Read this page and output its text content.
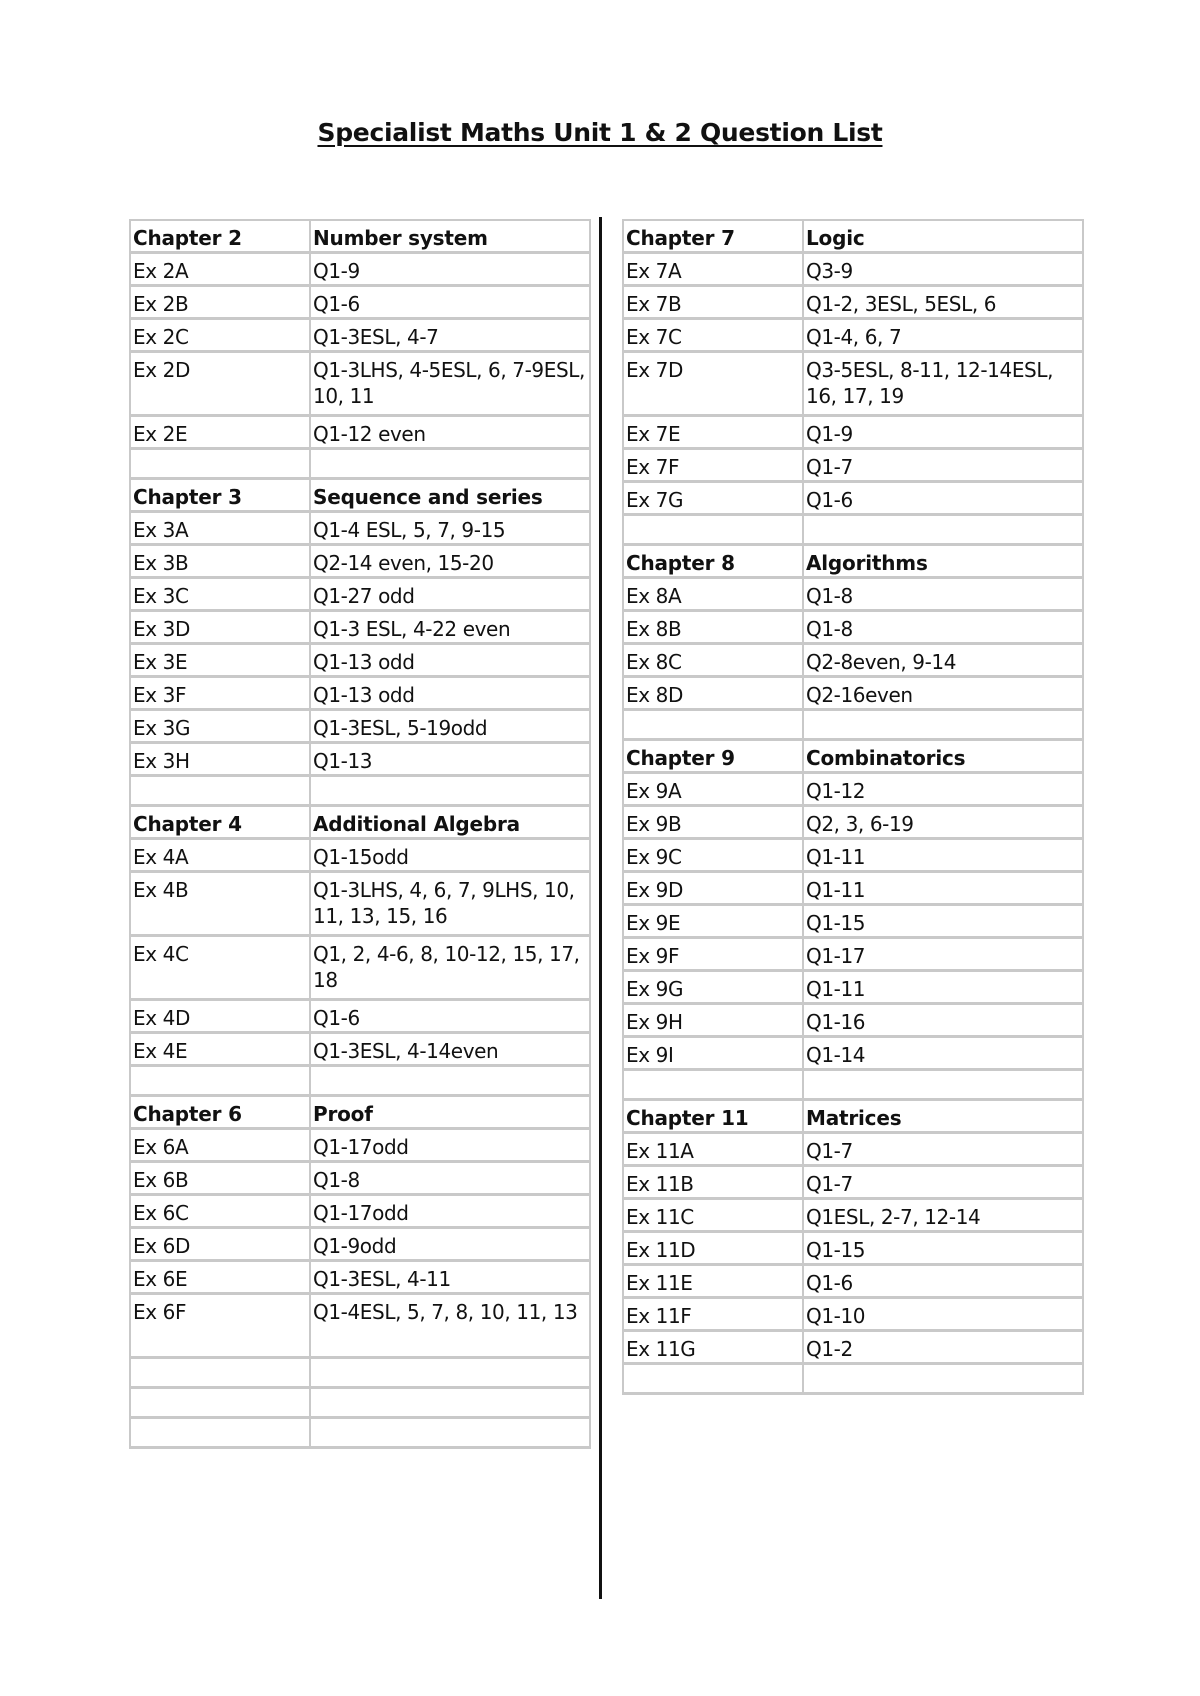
Specialist Maths Unit 1 & 2 Question List
Chapter 2	Number system
Ex 2A	Q1-9
Ex 2B	Q1-6
Ex 2C	Q1-3ESL, 4-7
Ex 2D	Q1-3LHS, 4-5ESL, 6, 7-9ESL, 10, 11
Ex 2E	Q1-12 even

Chapter 3	Sequence and series
Ex 3A	Q1-4 ESL, 5, 7, 9-15
Ex 3B	Q2-14 even, 15-20
Ex 3C	Q1-27 odd
Ex 3D	Q1-3 ESL, 4-22 even
Ex 3E	Q1-13 odd
Ex 3F	Q1-13 odd
Ex 3G	Q1-3ESL, 5-19odd
Ex 3H	Q1-13

Chapter 4	Additional Algebra
Ex 4A	Q1-15odd
Ex 4B	Q1-3LHS, 4, 6, 7, 9LHS, 10, 11, 13, 15, 16
Ex 4C	Q1, 2, 4-6, 8, 10-12, 15, 17, 18
Ex 4D	Q1-6
Ex 4E	Q1-3ESL, 4-14even

Chapter 6	Proof
Ex 6A	Q1-17odd
Ex 6B	Q1-8
Ex 6C	Q1-17odd
Ex 6D	Q1-9odd
Ex 6E	Q1-3ESL, 4-11
Ex 6F	Q1-4ESL, 5, 7, 8, 10, 11, 13

Chapter 7	Logic
Ex 7A	Q3-9
Ex 7B	Q1-2, 3ESL, 5ESL, 6
Ex 7C	Q1-4, 6, 7
Ex 7D	Q3-5ESL, 8-11, 12-14ESL, 16, 17, 19
Ex 7E	Q1-9
Ex 7F	Q1-7
Ex 7G	Q1-6

Chapter 8	Algorithms
Ex 8A	Q1-8
Ex 8B	Q1-8
Ex 8C	Q2-8even, 9-14
Ex 8D	Q2-16even

Chapter 9	Combinatorics
Ex 9A	Q1-12
Ex 9B	Q2, 3, 6-19
Ex 9C	Q1-11
Ex 9D	Q1-11
Ex 9E	Q1-15
Ex 9F	Q1-17
Ex 9G	Q1-11
Ex 9H	Q1-16
Ex 9I	Q1-14

Chapter 11	Matrices
Ex 11A	Q1-7
Ex 11B	Q1-7
Ex 11C	Q1ESL, 2-7, 12-14
Ex 11D	Q1-15
Ex 11E	Q1-6
Ex 11F	Q1-10
Ex 11G	Q1-2
